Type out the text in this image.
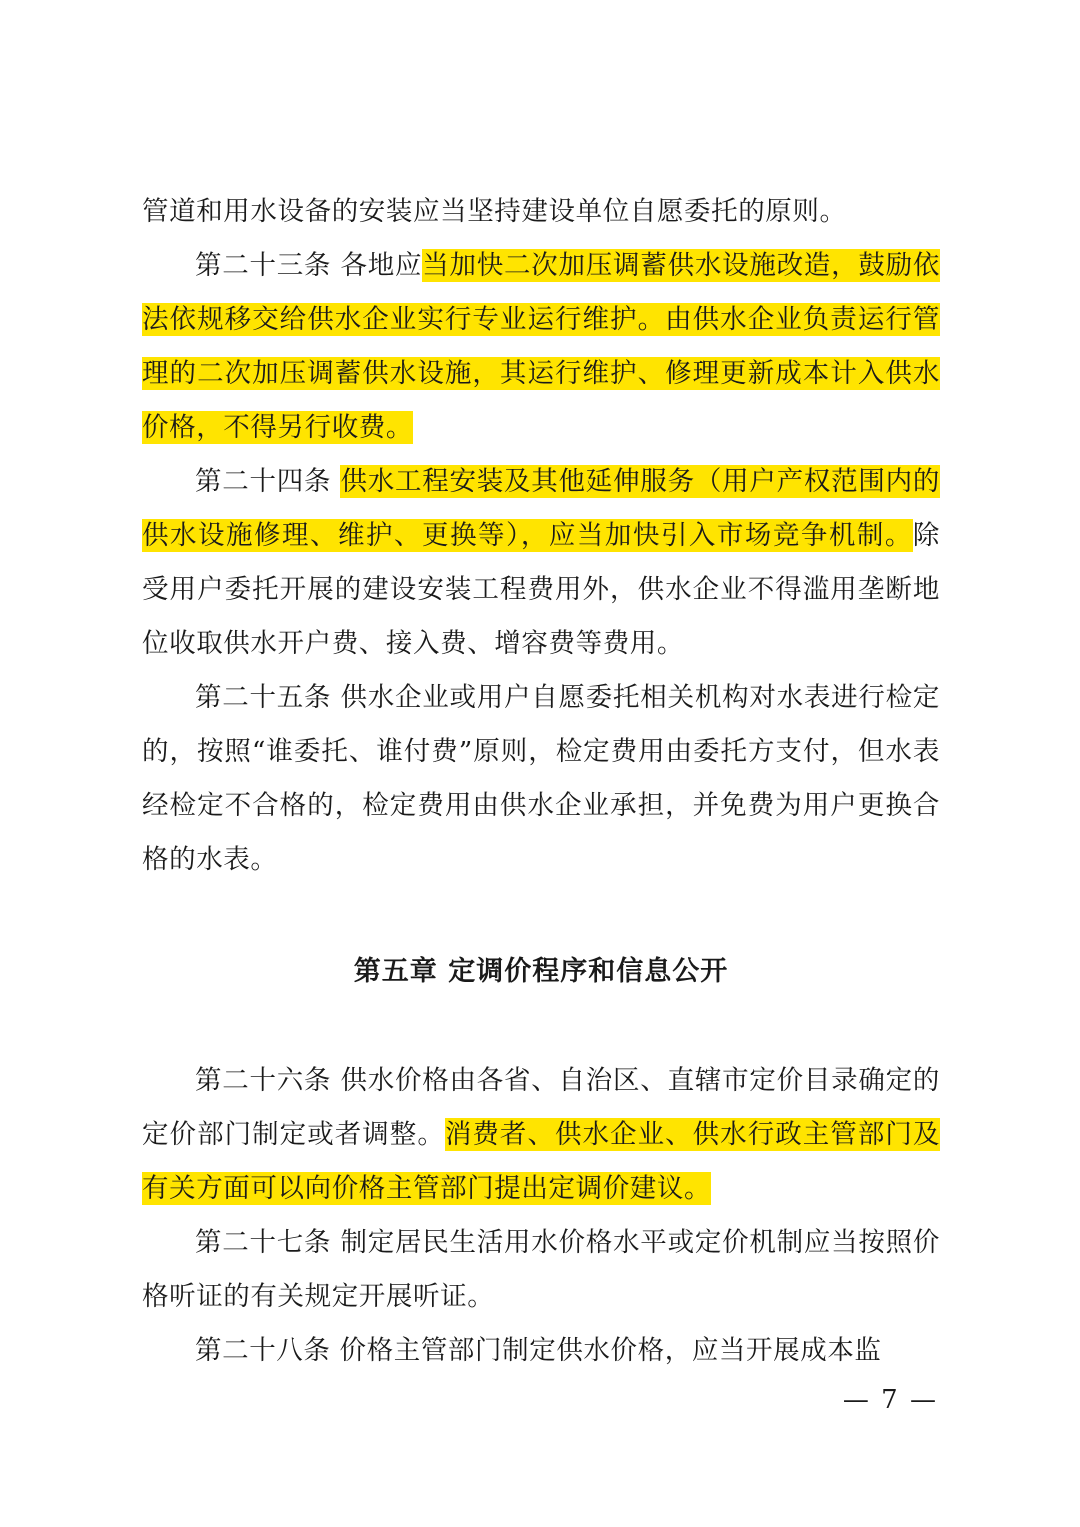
管道和用水设备的安装应当坚持建设单位自愿委托的原则。

第二十三条 各地应当加快二次加压调蓄供水设施改造，鼓励依法依规移交给供水企业实行专业运行维护。由供水企业负责运行管理的二次加压调蓄供水设施，其运行维护、修理更新成本计入供水价格，不得另行收费。

第二十四条 供水工程安装及其他延伸服务（用户产权范围内的供水设施修理、维护、更换等），应当加快引入市场竞争机制。除受用户委托开展的建设安装工程费用外，供水企业不得滥用垄断地位收取供水开户费、接入费、增容费等费用。

第二十五条 供水企业或用户自愿委托相关机构对水表进行检定的，按照“谁委托、谁付费”原则，检定费用由委托方支付，但水表经检定不合格的，检定费用由供水企业承担，并免费为用户更换合格的水表。

第五章 定调价程序和信息公开

第二十六条 供水价格由各省、自治区、直辖市定价目录确定的定价部门制定或者调整。消费者、供水企业、供水行政主管部门及有关方面可以向价格主管部门提出定调价建议。

第二十七条 制定居民生活用水价格水平或定价机制应当按照价格听证的有关规定开展听证。

第二十八条 价格主管部门制定供水价格，应当开展成本监

— 7 —
